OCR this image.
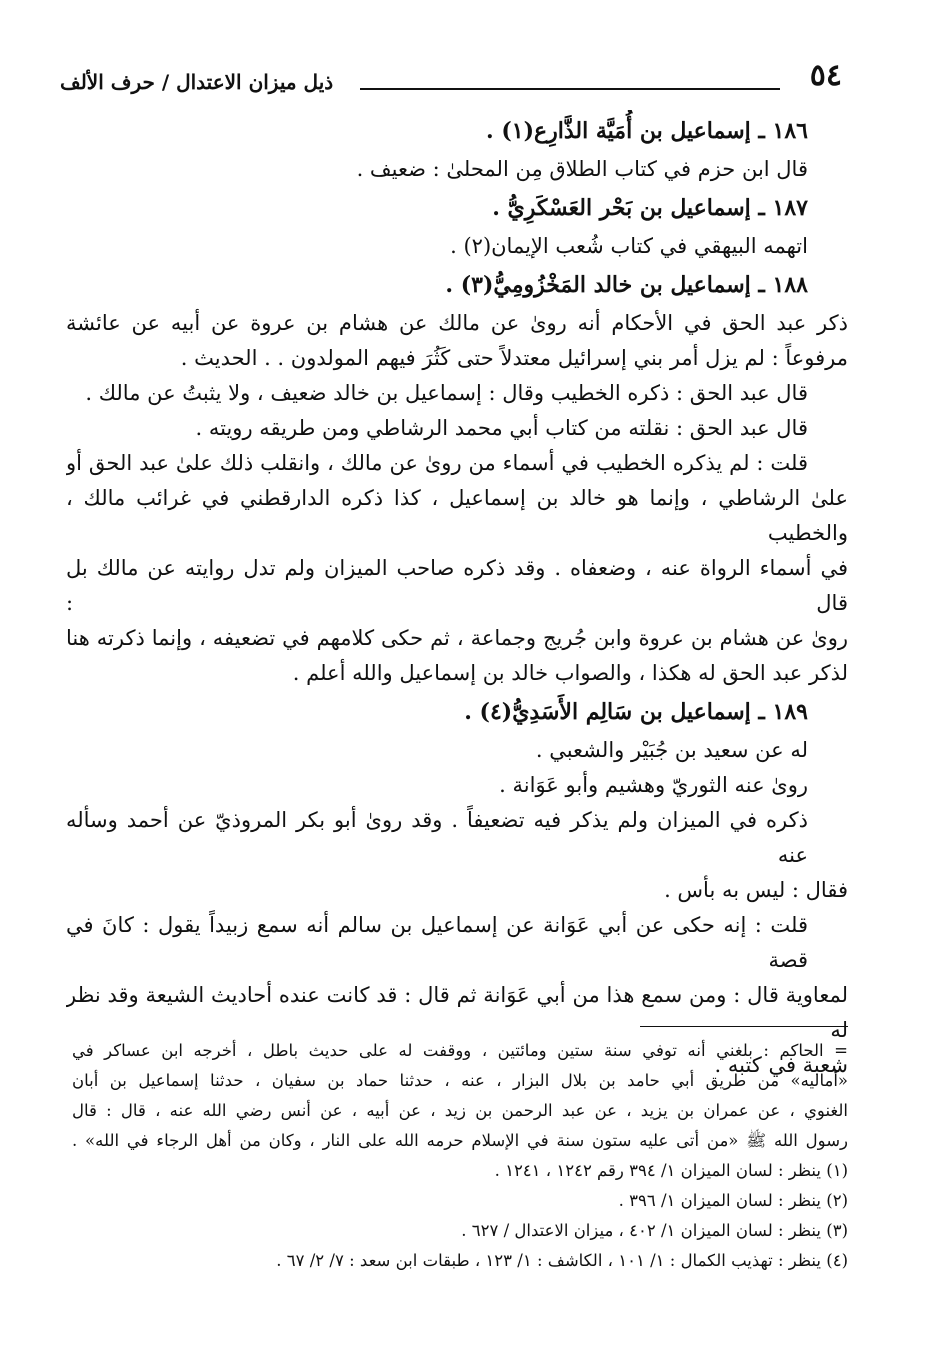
٥٤
ذيل ميزان الاعتدال / حرف الألف
١٨٦ ـ إسماعيل بن أُمَيَّة الذَّارِع(١) .
قال ابن حزم في كتاب الطلاق مِن المحلىٰ : ضعيف .
١٨٧ ـ إسماعيل بن بَحْر العَسْكَرِيُّ .
اتهمه البيهقي في كتاب شُعب الإيمان(٢) .
١٨٨ ـ إسماعيل بن خالد المَخْزُومِيُّ(٣) .
ذكر عبد الحق في الأحكام أنه روىٰ عن مالك عن هشام بن عروة عن أبيه عن عائشة
مرفوعاً : لم يزل أمر بني إسرائيل معتدلاً حتى كَثُرَ فيهم المولدون . . الحديث .
قال عبد الحق : ذكره الخطيب وقال : إسماعيل بن خالد ضعيف ، ولا يثبتُ عن مالك .
قال عبد الحق : نقلته من كتاب أبي محمد الرشاطي ومن طريقه رويته .
قلت : لم يذكره الخطيب في أسماء من روىٰ عن مالك ، وانقلب ذلك علىٰ عبد الحق أو
علىٰ الرشاطي ، وإنما هو خالد بن إسماعيل ، كذا ذكره الدارقطني في غرائب مالك ، والخطيب
في أسماء الرواة عنه ، وضعفاه . وقد ذكره صاحب الميزان ولم تدل روايته عن مالك بل قال :
روىٰ عن هشام بن عروة وابن جُريج وجماعة ، ثم حكى كلامهم في تضعيفه ، وإنما ذكرته هنا
لذكر عبد الحق له هكذا ، والصواب خالد بن إسماعيل والله أعلم .
١٨٩ ـ إسماعيل بن سَالِم الأَسَدِيُّ(٤) .
له عن سعيد بن جُبَيْر والشعبي .
روىٰ عنه الثوريّ وهشيم وأبو عَوَانة .
ذكره في الميزان ولم يذكر فيه تضعيفاً . وقد روىٰ أبو بكر المروذيّ عن أحمد وسأله عنه
فقال : ليس به بأس .
قلت : إنه حكى عن أبي عَوَانة عن إسماعيل بن سالم أنه سمع زبيداً يقول : كانَ في قصة
لمعاوية قال : ومن سمع هذا من أبي عَوَانة ثم قال : قد كانت عنده أحاديث الشيعة وقد نظر له
شعبة في كتبه .
= الحاكم : بلغني أنه توفي سنة ستين ومائتين ، ووقفت له على حديث باطل ، أخرجه ابن عساكر في
«أماليه» من طريق أبي حامد بن بلال البزار ، عنه ، حدثنا حماد بن سفيان ، حدثنا إسماعيل بن أبان
الغنوي ، عن عمران بن يزيد ، عن عبد الرحمن بن زيد ، عن أبيه ، عن أنس رضي الله عنه ، قال : قال
رسول الله ﷺ «من أتى عليه ستون سنة في الإسلام حرمه الله على النار ، وكان من أهل الرجاء في الله» .
(١) ينظر : لسان الميزان ١/ ٣٩٤ رقم ١٢٤٢ ، ١٢٤١ .
(٢) ينظر : لسان الميزان ١/ ٣٩٦ .
(٣) ينظر : لسان الميزان ١/ ٤٠٢ ، ميزان الاعتدال / ٦٢٧ .
(٤) ينظر : تهذيب الكمال : ١/ ١٠١ ، الكاشف : ١/ ١٢٣ ، طبقات ابن سعد : ٧/ ٢/ ٦٧ .
